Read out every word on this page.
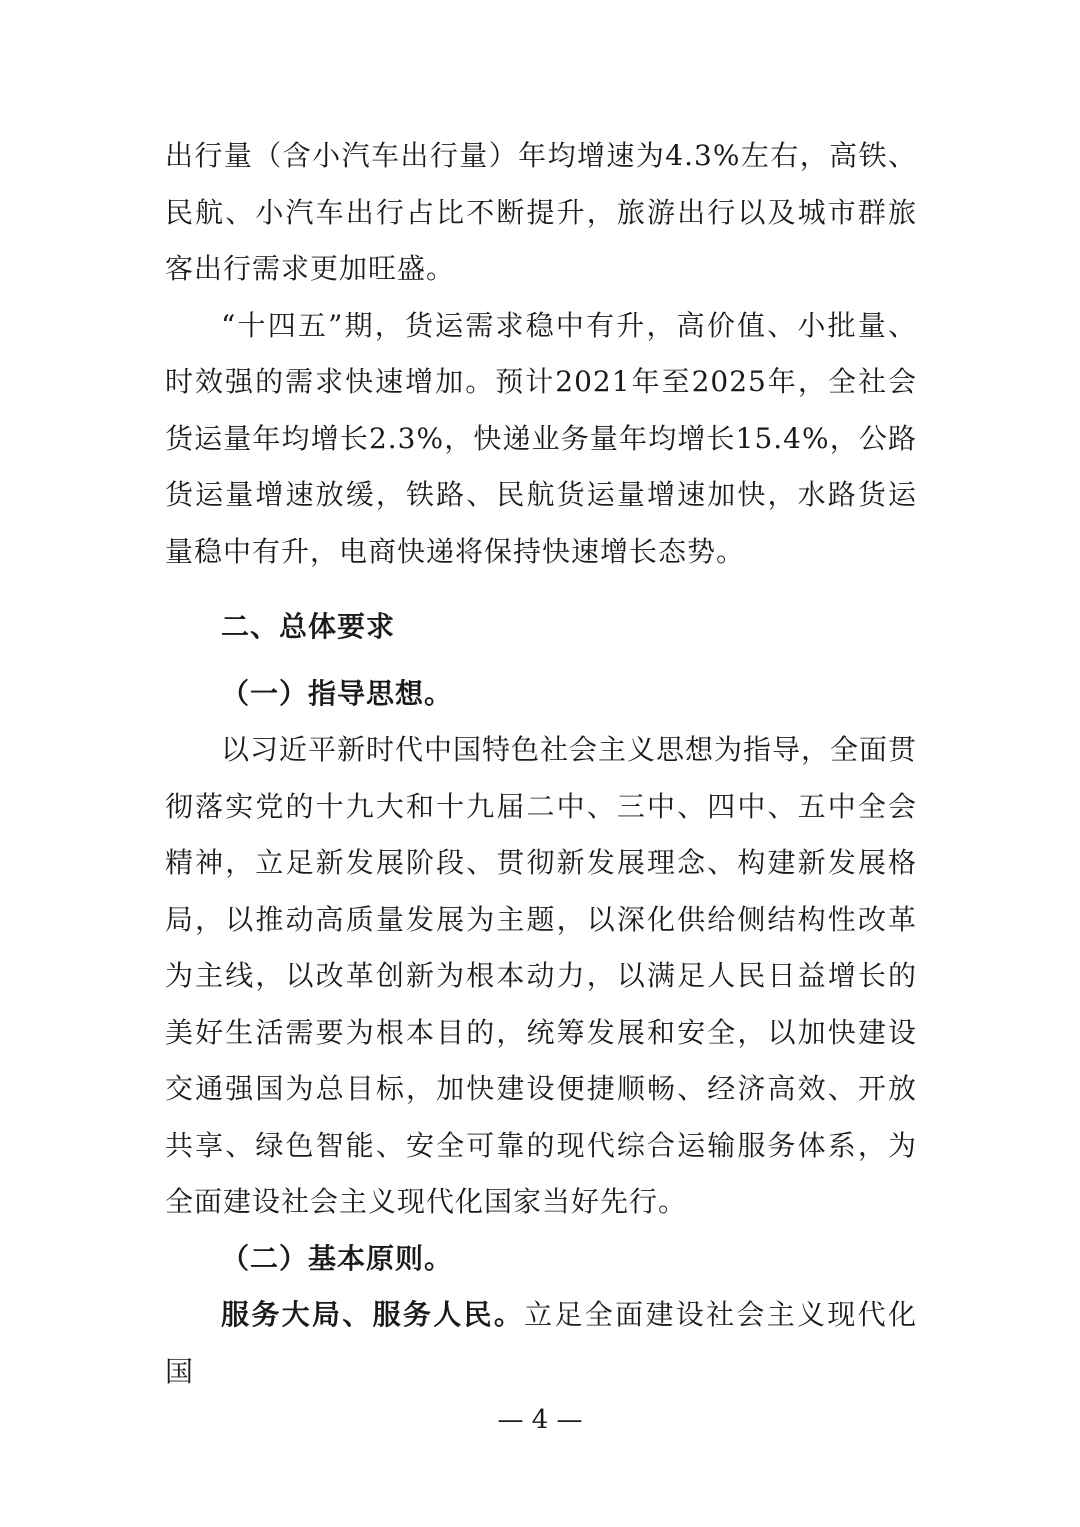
出行量（含小汽车出行量）年均增速为4.3%左右，高铁、民航、小汽车出行占比不断提升，旅游出行以及城市群旅客出行需求更加旺盛。

“十四五”期，货运需求稳中有升，高价值、小批量、时效强的需求快速增加。预计2021年至2025年，全社会货运量年均增长2.3%，快递业务量年均增长15.4%，公路货运量增速放缓，铁路、民航货运量增速加快，水路货运量稳中有升，电商快递将保持快速增长态势。

二、总体要求
（一）指导思想。

以习近平新时代中国特色社会主义思想为指导，全面贯彻落实党的十九大和十九届二中、三中、四中、五中全会精神，立足新发展阶段、贯彻新发展理念、构建新发展格局，以推动高质量发展为主题，以深化供给侧结构性改革为主线，以改革创新为根本动力，以满足人民日益增长的美好生活需要为根本目的，统筹发展和安全，以加快建设交通强国为总目标，加快建设便捷顺畅、经济高效、开放共享、绿色智能、安全可靠的现代综合运输服务体系，为全面建设社会主义现代化国家当好先行。

（二）基本原则。

服务大局、服务人民。立足全面建设社会主义现代化国

— 4 —
